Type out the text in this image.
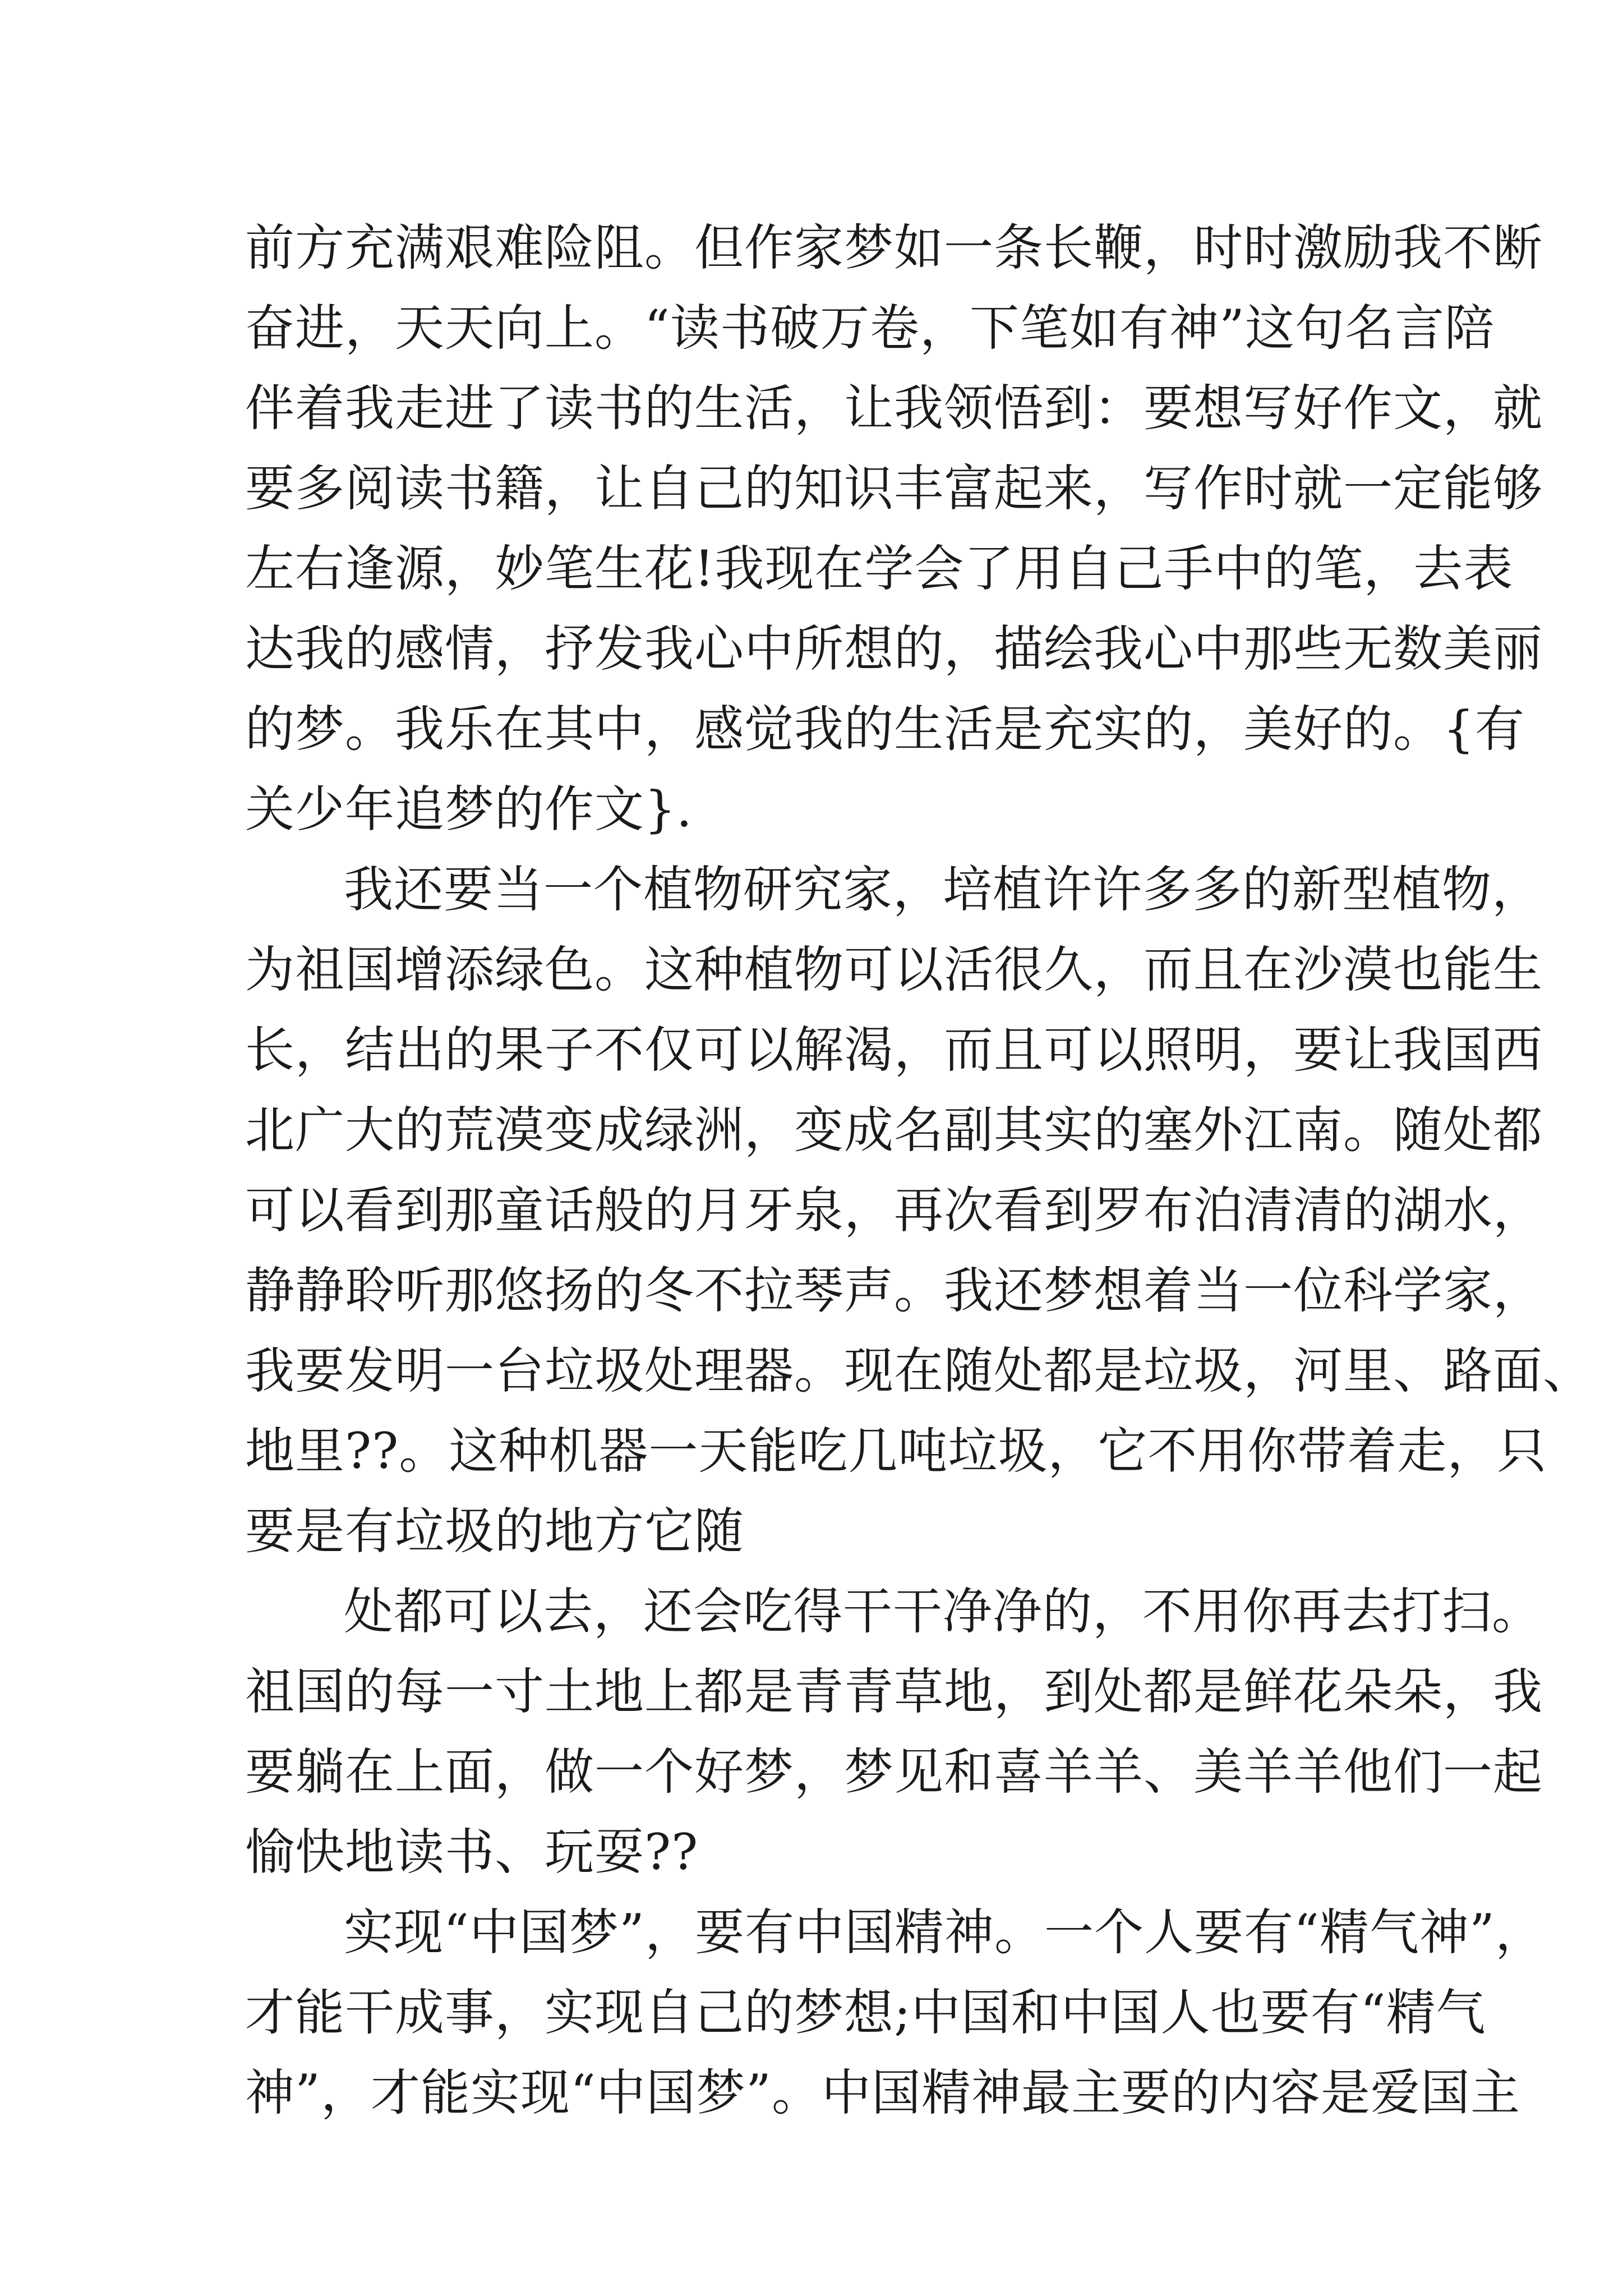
前方充满艰难险阻。但作家梦如一条长鞭，时时激励我不断
奋进，天天向上。“读书破万卷，下笔如有神”这句名言陪
伴着我走进了读书的生活，让我领悟到：要想写好作文，就
要多阅读书籍，让自己的知识丰富起来，写作时就一定能够
左右逢源，妙笔生花!我现在学会了用自己手中的笔，去表
达我的感情，抒发我心中所想的，描绘我心中那些无数美丽
的梦。我乐在其中，感觉我的生活是充实的，美好的。{有
关少年追梦的作文}.
我还要当一个植物研究家，培植许许多多的新型植物，
为祖国增添绿色。这种植物可以活很久，而且在沙漠也能生
长，结出的果子不仅可以解渴，而且可以照明，要让我国西
北广大的荒漠变成绿洲，变成名副其实的塞外江南。随处都
可以看到那童话般的月牙泉，再次看到罗布泊清清的湖水，
静静聆听那悠扬的冬不拉琴声。我还梦想着当一位科学家，
我要发明一台垃圾处理器。现在随处都是垃圾，河里、路面、
地里??。这种机器一天能吃几吨垃圾，它不用你带着走，只
要是有垃圾的地方它随
处都可以去，还会吃得干干净净的，不用你再去打扫。
祖国的每一寸土地上都是青青草地，到处都是鲜花朵朵，我
要躺在上面，做一个好梦，梦见和喜羊羊、美羊羊他们一起
愉快地读书、玩耍??
实现“中国梦”，要有中国精神。一个人要有“精气神”，
才能干成事，实现自己的梦想;中国和中国人也要有“精气
神”，才能实现“中国梦”。中国精神最主要的内容是爱国主
